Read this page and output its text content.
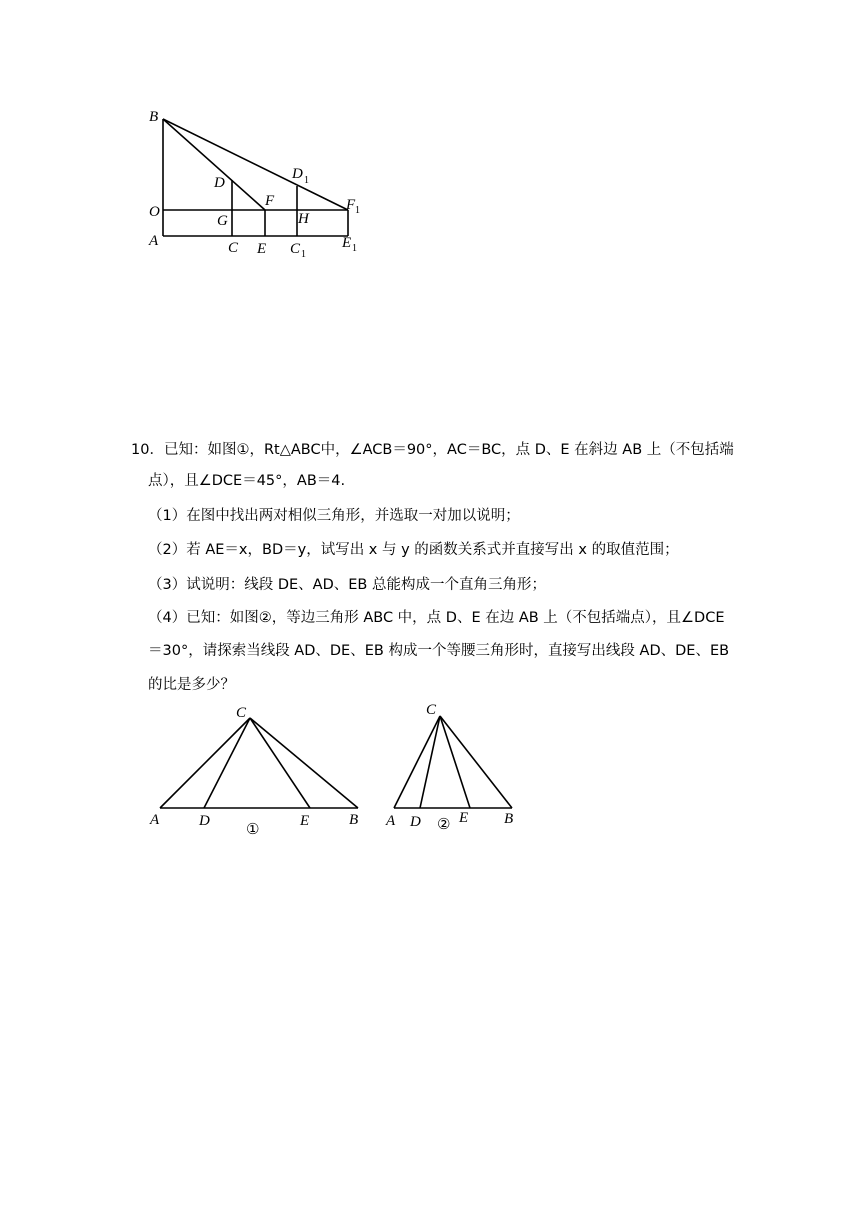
B
O
A
D
G
F
C E
D 1
H
C 1
F 1
E 1
10．已知：如图①，Rt△ABC中，∠ACB＝90°，AC＝BC，点 D、E 在斜边 AB 上（不包括端
点），且∠DCE＝45°，AB＝4.
（1）在图中找出两对相似三角形，并选取一对加以说明；
（2）若 AE＝x，BD＝y，试写出 x 与 y 的函数关系式并直接写出 x 的取值范围；
（3）试说明：线段 DE、AD、EB 总能构成一个直角三角形；
（4）已知：如图②，等边三角形 ABC 中，点 D、E 在边 AB 上（不包括端点），且∠DCE
＝30°，请探索当线段 AD、DE、EB 构成一个等腰三角形时，直接写出线段 AD、DE、EB
的比是多少？
C
A	D	E	B
①
C
A D	E B
②
